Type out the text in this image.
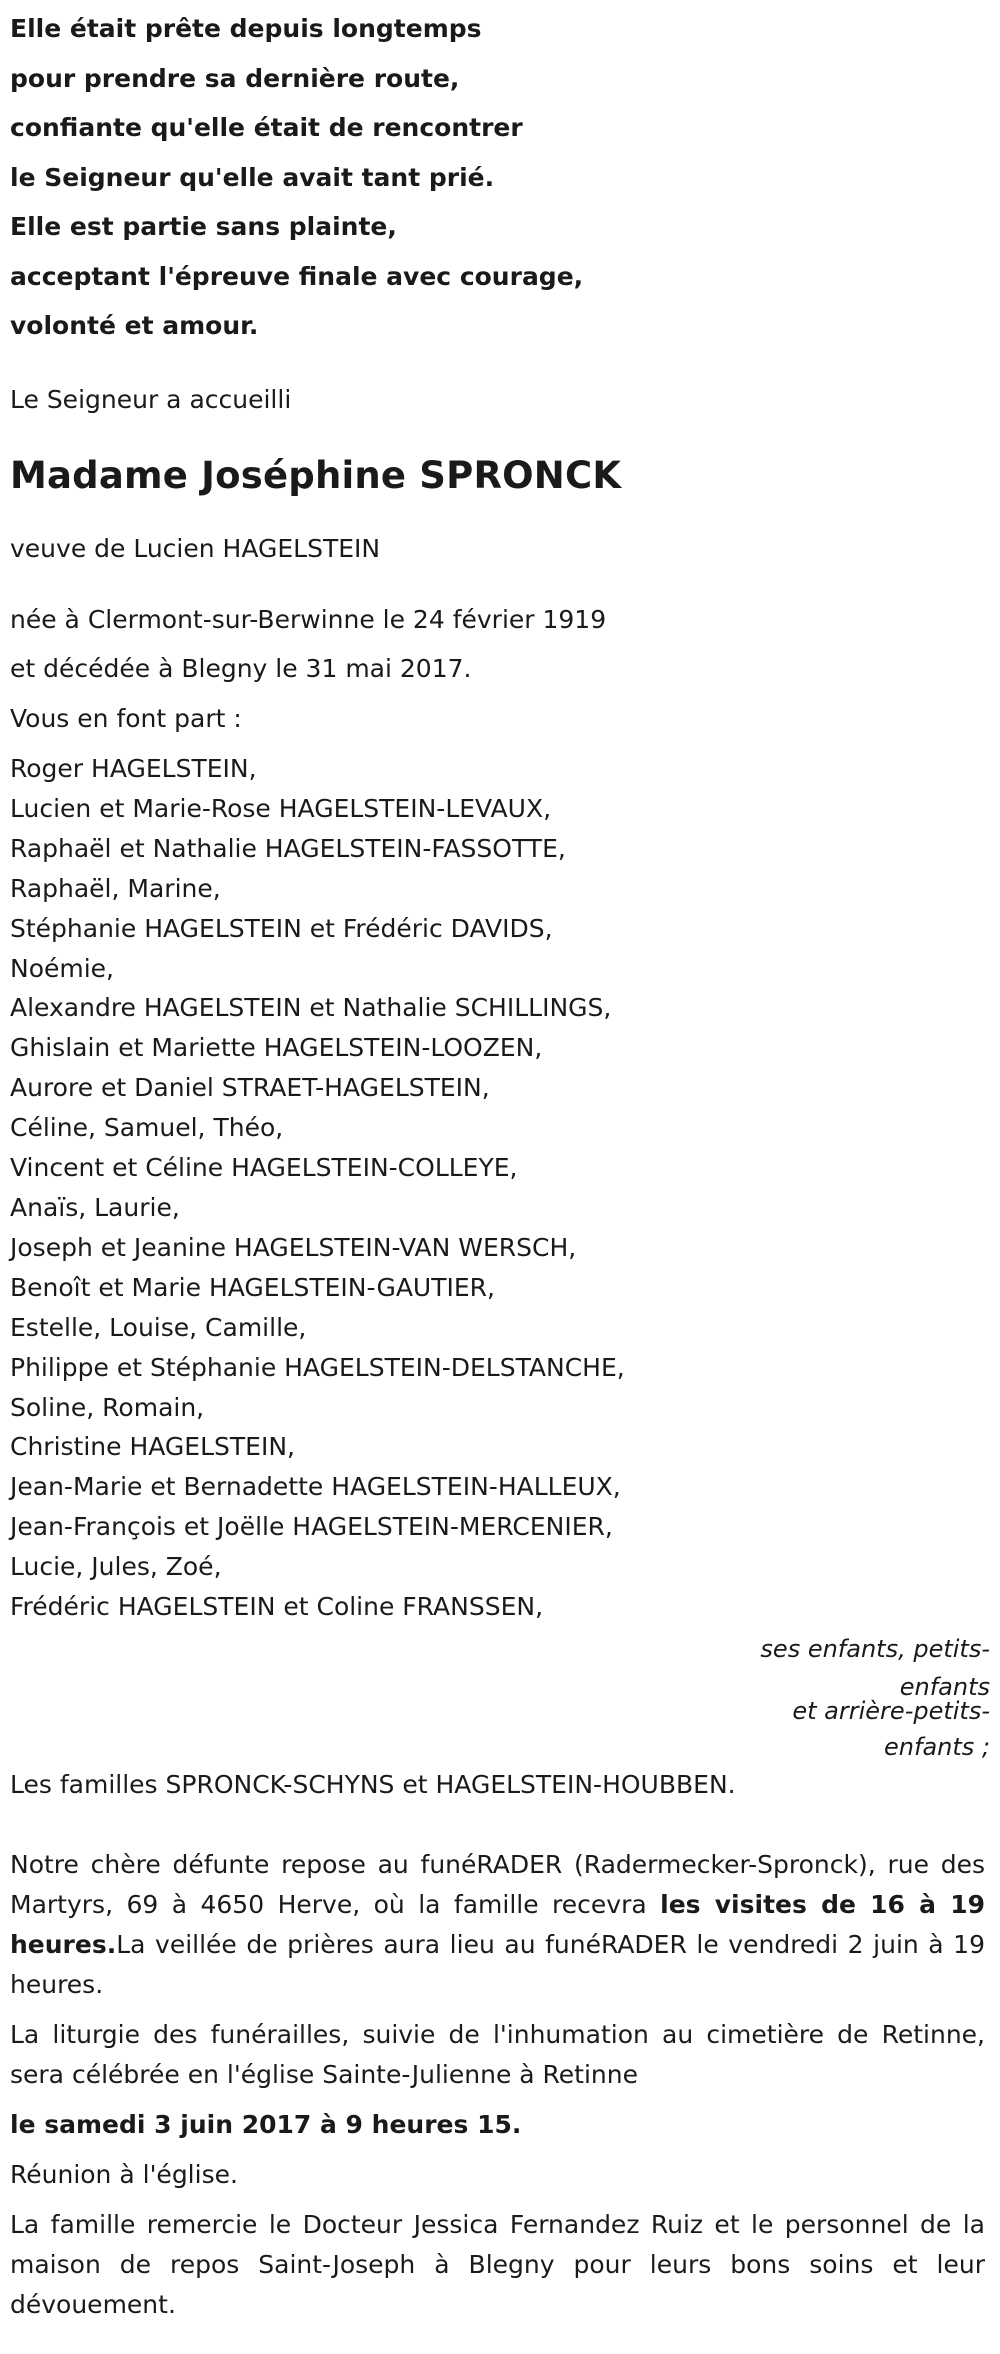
Elle était prête depuis longtemps
pour prendre sa dernière route,
confiante qu'elle était de rencontrer
le Seigneur qu'elle avait tant prié.
Elle est partie sans plainte,
acceptant l'épreuve finale avec courage,
volonté et amour.
Le Seigneur a accueilli
Madame Joséphine SPRONCK
veuve de Lucien HAGELSTEIN
née à Clermont-sur-Berwinne le 24 février 1919
et décédée à Blegny le 31 mai 2017.
Vous en font part :
Roger HAGELSTEIN,
Lucien et Marie-Rose HAGELSTEIN-LEVAUX,
Raphaël et Nathalie HAGELSTEIN-FASSOTTE,
Raphaël, Marine,
Stéphanie HAGELSTEIN et Frédéric DAVIDS,
Noémie,
Alexandre HAGELSTEIN et Nathalie SCHILLINGS,
Ghislain et Mariette HAGELSTEIN-LOOZEN,
Aurore et Daniel STRAET-HAGELSTEIN,
Céline, Samuel, Théo,
Vincent et Céline HAGELSTEIN-COLLEYE,
Anaïs, Laurie,
Joseph et Jeanine HAGELSTEIN-VAN WERSCH,
Benoît et Marie HAGELSTEIN-GAUTIER,
Estelle, Louise, Camille,
Philippe et Stéphanie HAGELSTEIN-DELSTANCHE,
Soline, Romain,
Christine HAGELSTEIN,
Jean-Marie et Bernadette HAGELSTEIN-HALLEUX,
Jean-François et Joëlle HAGELSTEIN-MERCENIER,
Lucie, Jules, Zoé,
Frédéric HAGELSTEIN et Coline FRANSSEN,
ses enfants, petits-
enfants
et arrière-petits-
enfants ;
Les familles SPRONCK-SCHYNS et HAGELSTEIN-HOUBBEN.
Notre chère défunte repose au funéRADER (Radermecker-Spronck), rue des Martyrs, 69 à 4650 Herve, où la famille recevra les visites de 16 à 19 heures.La veillée de prières aura lieu au funéRADER le vendredi 2 juin à 19 heures.
La liturgie des funérailles, suivie de l'inhumation au cimetière de Retinne, sera célébrée en l'église Sainte-Julienne à Retinne
le samedi 3 juin 2017 à 9 heures 15.
Réunion à l'église.
La famille remercie le Docteur Jessica Fernandez Ruiz et le personnel de la maison de repos Saint-Joseph à Blegny pour leurs bons soins et leur dévouement.
